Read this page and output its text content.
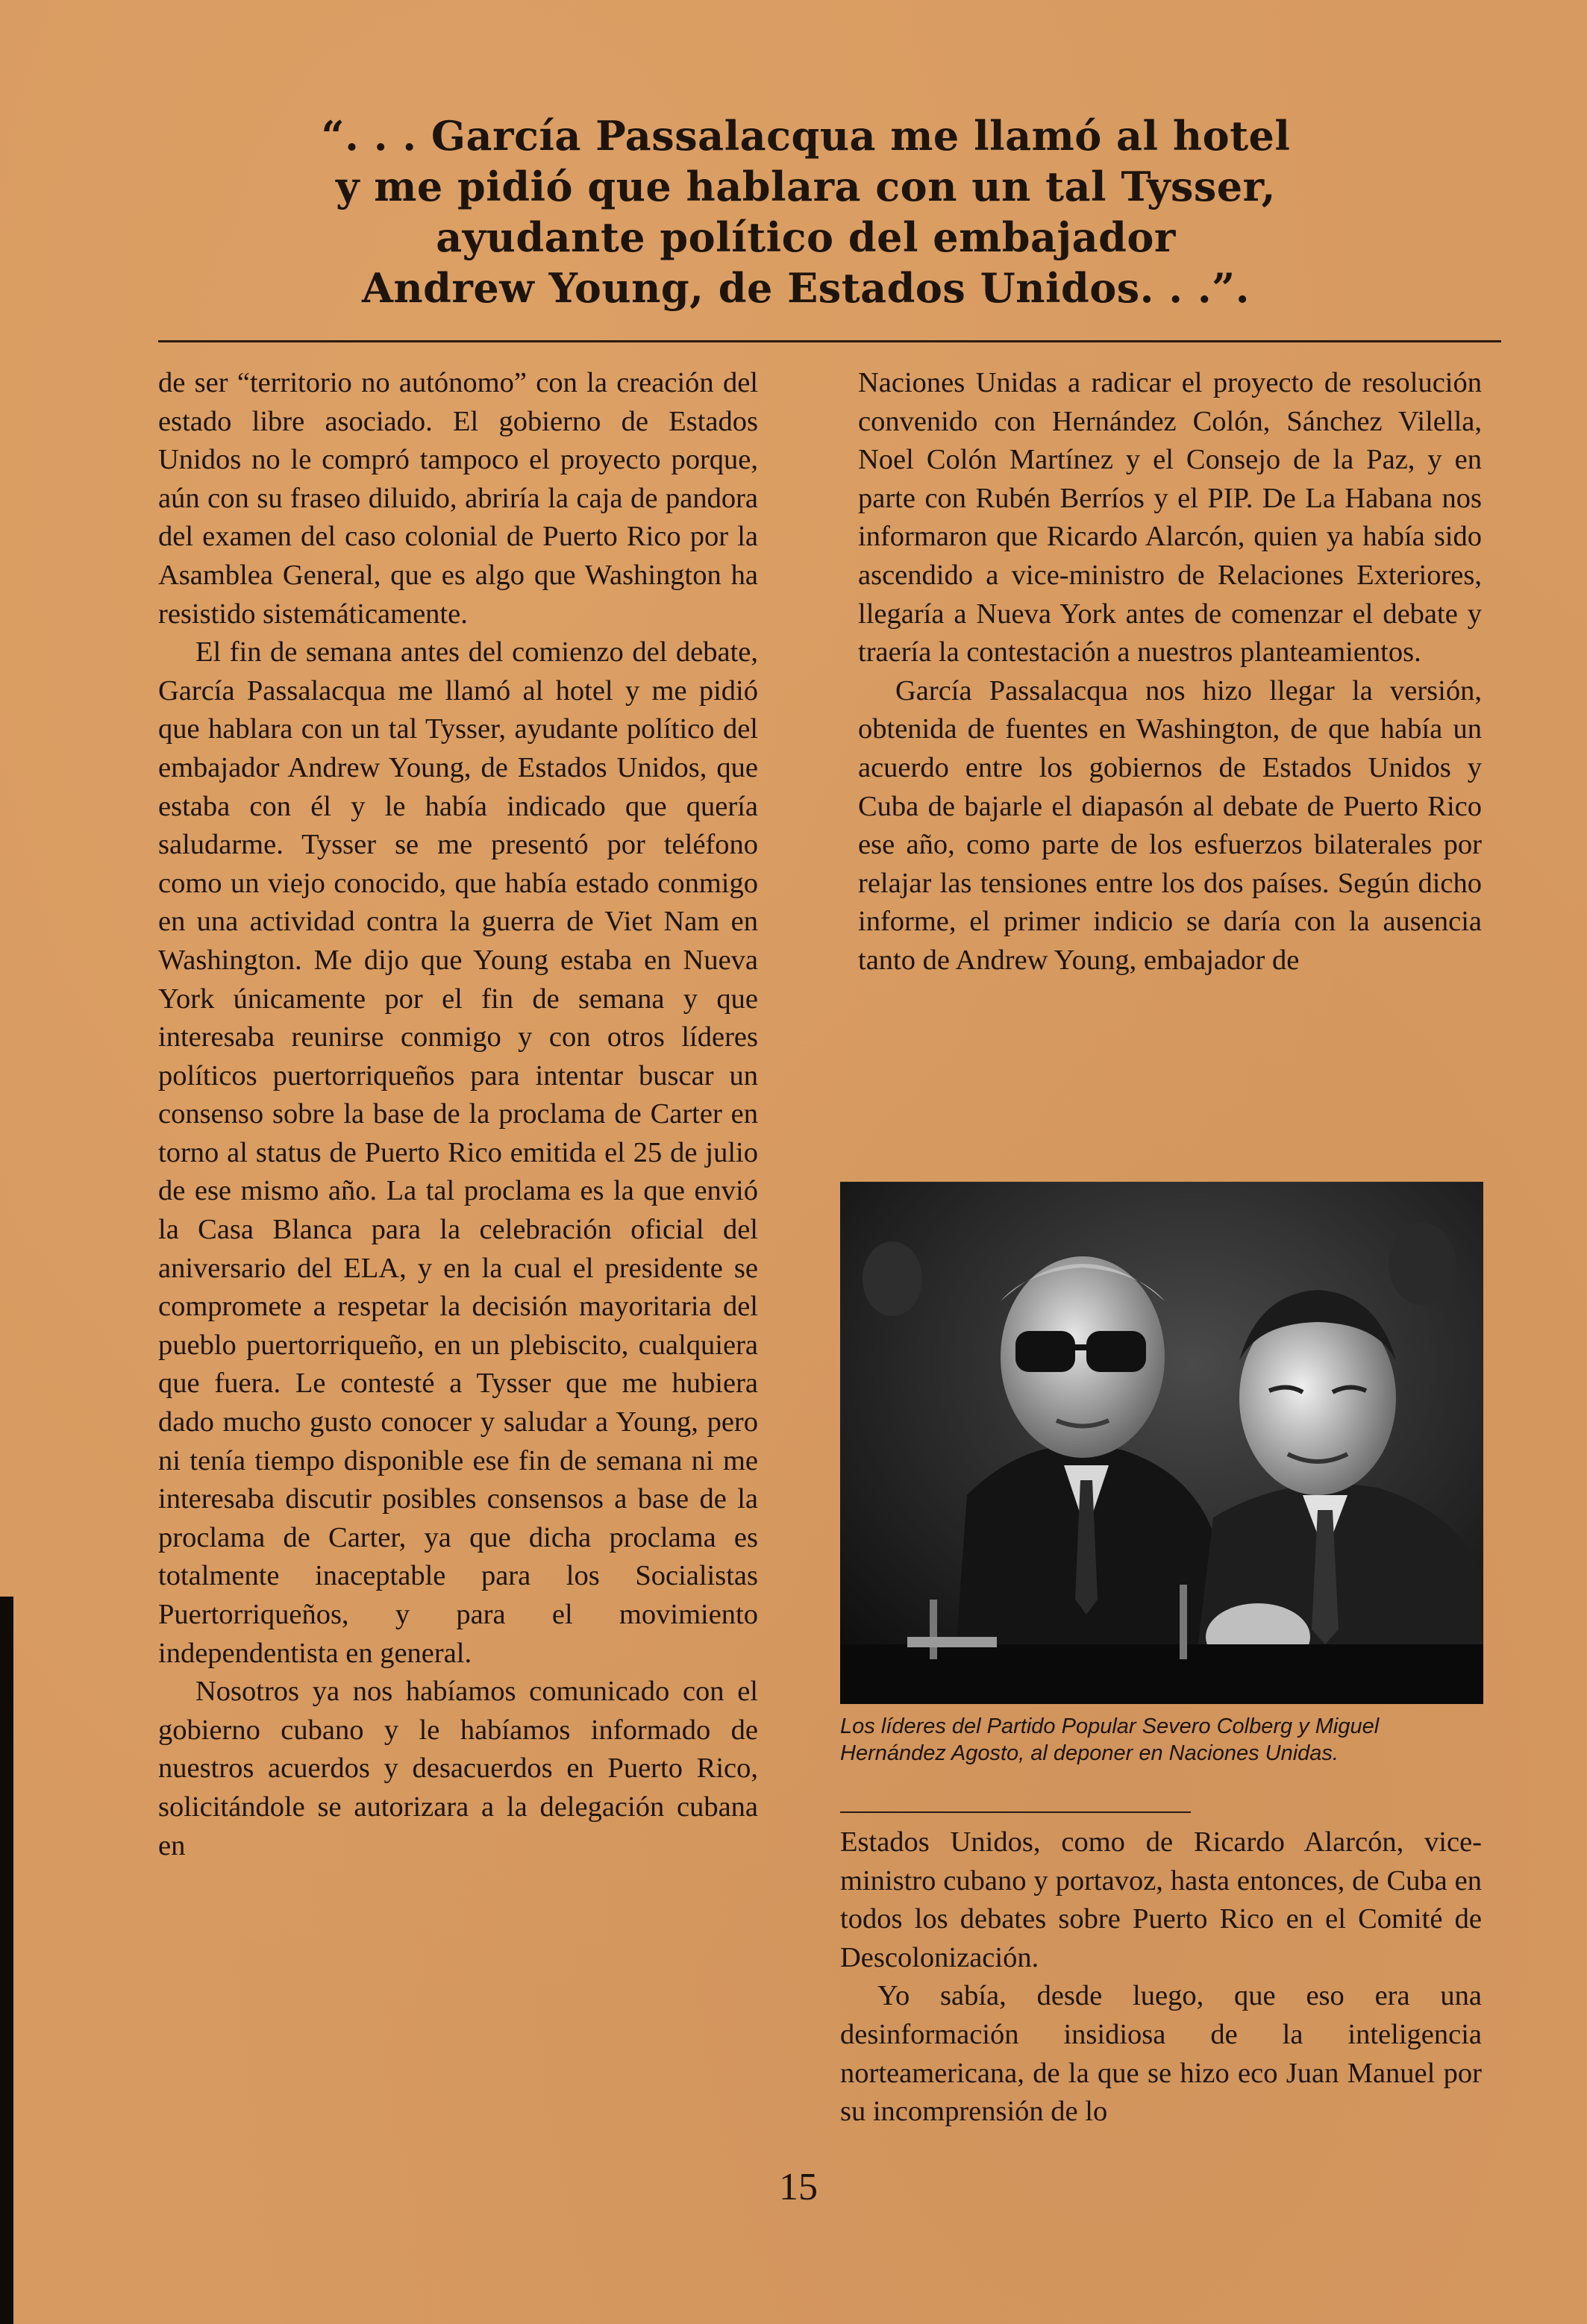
“. . . García Passalacqua me llamó al hotel
y me pidió que hablara con un tal Tysser,
ayudante político del embajador
Andrew Young, de Estados Unidos. . .”.

de ser “territorio no autónomo” con la creación del estado libre asociado. El gobierno de Estados Unidos no le compró tampoco el proyecto porque, aún con su fraseo diluido, abriría la caja de pandora del examen del caso colonial de Puerto Rico por la Asamblea General, que es algo que Washington ha resistido sistemáticamente.

El fin de semana antes del comienzo del debate, García Passalacqua me llamó al hotel y me pidió que hablara con un tal Tysser, ayudante político del embajador Andrew Young, de Estados Unidos, que estaba con él y le había indicado que quería saludarme. Tysser se me presentó por teléfono como un viejo conocido, que había estado conmigo en una actividad contra la guerra de Viet Nam en Washington. Me dijo que Young estaba en Nueva York únicamente por el fin de semana y que interesaba reunirse conmigo y con otros líderes políticos puertorriqueños para intentar buscar un consenso sobre la base de la proclama de Carter en torno al status de Puerto Rico emitida el 25 de julio de ese mismo año. La tal proclama es la que envió la Casa Blanca para la celebración oficial del aniversario del ELA, y en la cual el presidente se compromete a respetar la decisión mayoritaria del pueblo puertorriqueño, en un plebiscito, cualquiera que fuera. Le contesté a Tysser que me hubiera dado mucho gusto conocer y saludar a Young, pero ni tenía tiempo disponible ese fin de semana ni me interesaba discutir posibles consensos a base de la proclama de Carter, ya que dicha proclama es totalmente inaceptable para los Socialistas Puertorriqueños, y para el movimiento independentista en general.

Nosotros ya nos habíamos comunicado con el gobierno cubano y le habíamos informado de nuestros acuerdos y desacuerdos en Puerto Rico, solicitándole se autorizara a la delegación cubana en

Naciones Unidas a radicar el proyecto de resolución convenido con Hernández Colón, Sánchez Vilella, Noel Colón Martínez y el Consejo de la Paz, y en parte con Rubén Berríos y el PIP. De La Habana nos informaron que Ricardo Alarcón, quien ya había sido ascendido a vice-ministro de Relaciones Exteriores, llegaría a Nueva York antes de comenzar el debate y traería la contestación a nuestros planteamientos.

García Passalacqua nos hizo llegar la versión, obtenida de fuentes en Washington, de que había un acuerdo entre los gobiernos de Estados Unidos y Cuba de bajarle el diapasón al debate de Puerto Rico ese año, como parte de los esfuerzos bilaterales por relajar las tensiones entre los dos países. Según dicho informe, el primer indicio se daría con la ausencia tanto de Andrew Young, embajador de

Los líderes del Partido Popular Severo Colberg y Miguel Hernández Agosto, al deponer en Naciones Unidas.

Estados Unidos, como de Ricardo Alarcón, vice-ministro cubano y portavoz, hasta entonces, de Cuba en todos los debates sobre Puerto Rico en el Comité de Descolonización.

Yo sabía, desde luego, que eso era una desinformación insidiosa de la inteligencia norteamericana, de la que se hizo eco Juan Manuel por su incomprensión de lo

15
